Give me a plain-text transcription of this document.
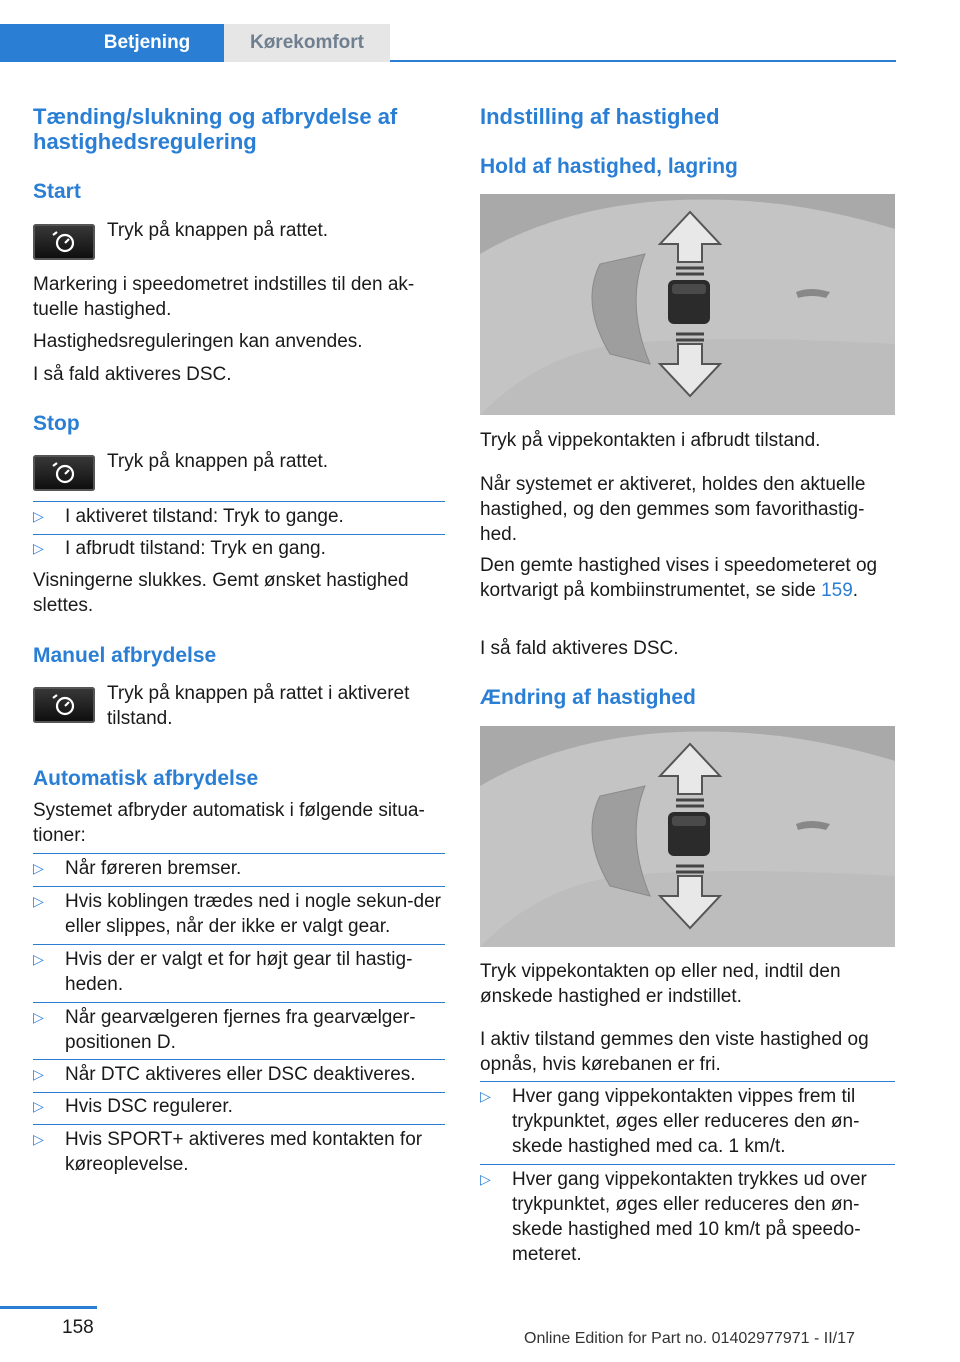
Betjening	Kørekomfort
Tænding/slukning og afbrydelse af hastighedsregulering
Start

Tryk på knappen på rattet.

Markering i speedometret indstilles til den ak-tuelle hastighed.

Hastighedsreguleringen kan anvendes.

I så fald aktiveres DSC.

Stop

Tryk på knappen på rattet.

▷ I aktiveret tilstand: Tryk to gange.
▷ I afbrudt tilstand: Tryk en gang.

Visningerne slukkes. Gemt ønsket hastighed slettes.

Manuel afbrydelse

Tryk på knappen på rattet i aktiveret tilstand.

Automatisk afbrydelse

Systemet afbryder automatisk i følgende situa-tioner:

▷ Når føreren bremser.
▷ Hvis koblingen trædes ned i nogle sekun-der eller slippes, når der ikke er valgt gear.
▷ Hvis der er valgt et for højt gear til hastig-heden.
▷ Når gearvælgeren fjernes fra gearvælger-positionen D.
▷ Når DTC aktiveres eller DSC deaktiveres.
▷ Hvis DSC regulerer.
▷ Hvis SPORT+ aktiveres med kontakten for køreoplevelse.
Indstilling af hastighed
Hold af hastighed, lagring

Tryk på vippekontakten i afbrudt tilstand.

Når systemet er aktiveret, holdes den aktuelle hastighed, og den gemmes som favorithastig-hed.

Den gemte hastighed vises i speedometeret og kortvarigt på kombiinstrumentet, se side 159.

I så fald aktiveres DSC.

Ændring af hastighed

Tryk vippekontakten op eller ned, indtil den ønskede hastighed er indstillet.

I aktiv tilstand gemmes den viste hastighed og opnås, hvis kørebanen er fri.

▷ Hver gang vippekontakten vippes frem til trykpunktet, øges eller reduceres den øn-skede hastighed med ca. 1 km/t.
▷ Hver gang vippekontakten trykkes ud over trykpunktet, øges eller reduceres den øn-skede hastighed med 10 km/t på speedo-meteret.
158
Online Edition for Part no. 01402977971 - II/17
